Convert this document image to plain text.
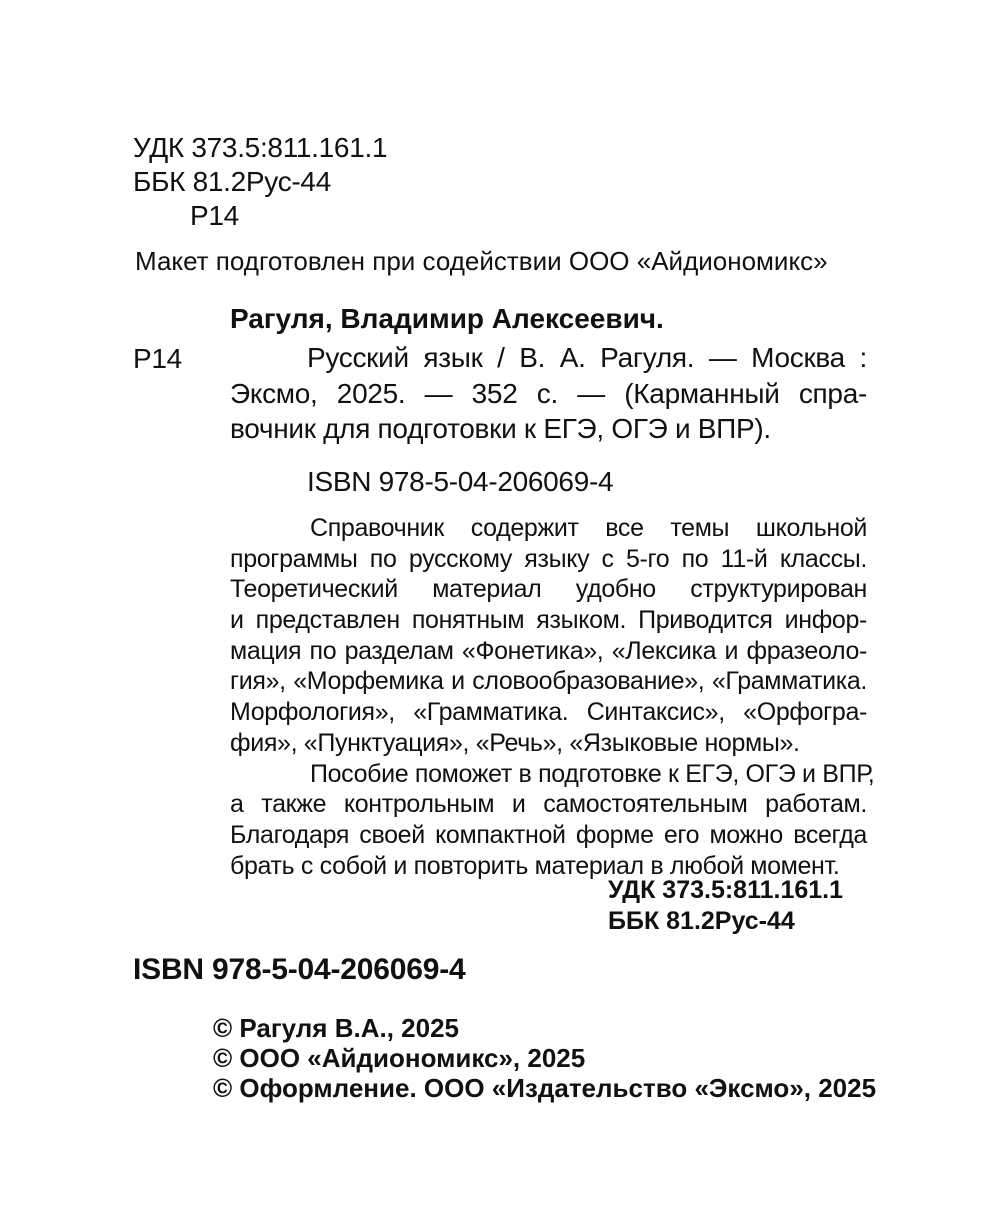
УДК 373.5:811.161.1
ББК 81.2Рус-44
Р14
Макет подготовлен при содействии ООО «Айдиономикс»
Рагуля, Владимир Алексеевич.
Р14	Русский язык / В. А. Рагуля. — Москва :
Эксмо, 2025. — 352 с. — (Карманный спра-
вочник для подготовки к ЕГЭ, ОГЭ и ВПР).
ISBN 978-5-04-206069-4
Справочник содержит все темы школьной
программы по русскому языку с 5-го по 11-й классы.
Теоретический материал удобно структурирован
и представлен понятным языком. Приводится инфор-
мация по разделам «Фонетика», «Лексика и фразеоло-
гия», «Морфемика и словообразование», «Грамматика.
Морфология», «Грамматика. Синтаксис», «Орфогра-
фия», «Пунктуация», «Речь», «Языковые нормы».
Пособие поможет в подготовке к ЕГЭ, ОГЭ и ВПР,
а также контрольным и самостоятельным работам.
Благодаря своей компактной форме его можно всегда
брать с собой и повторить материал в любой момент.
УДК 373.5:811.161.1
ББК 81.2Рус-44
ISBN 978-5-04-206069-4
© Рагуля В.А., 2025
© ООО «Айдиономикс», 2025
© Оформление. ООО «Издательство «Эксмо», 2025
